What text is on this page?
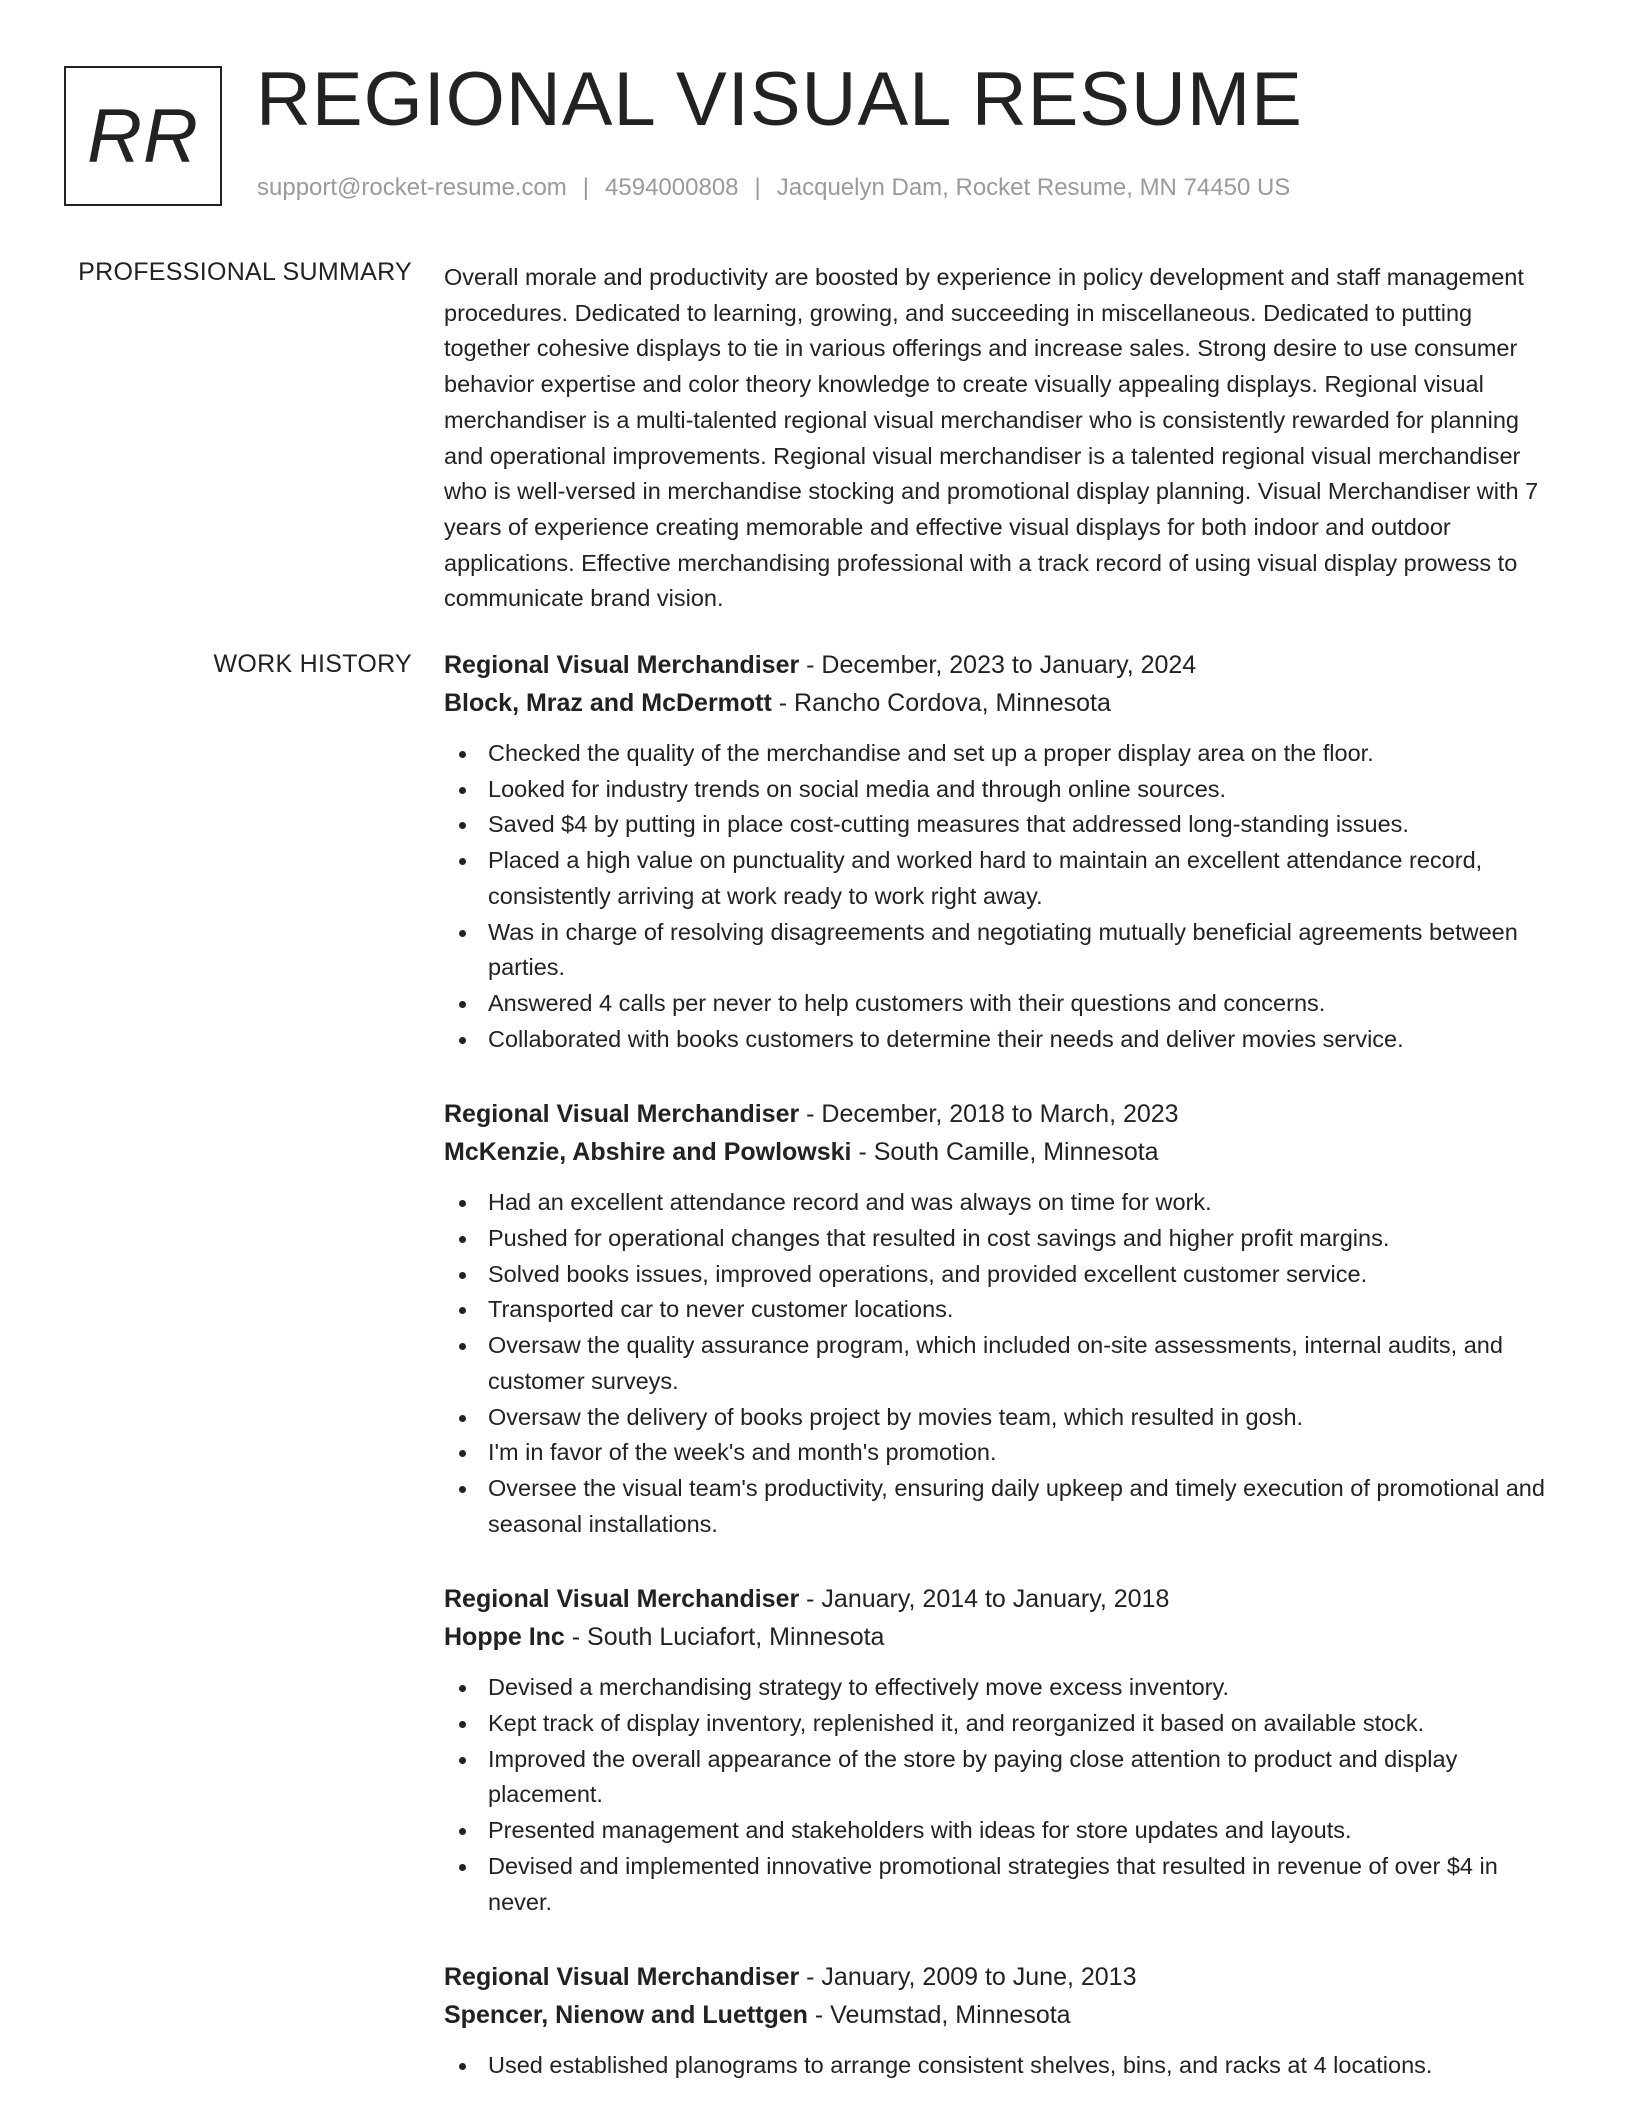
RR REGIONAL VISUAL RESUME
support@rocket-resume.com | 4594000808 | Jacquelyn Dam, Rocket Resume, MN 74450 US
PROFESSIONAL SUMMARY Overall morale and productivity are boosted by experience in policy development and staff management procedures. Dedicated to learning, growing, and succeeding in miscellaneous. Dedicated to putting together cohesive displays to tie in various offerings and increase sales. Strong desire to use consumer behavior expertise and color theory knowledge to create visually appealing displays. Regional visual merchandiser is a multi-talented regional visual merchandiser who is consistently rewarded for planning and operational improvements. Regional visual merchandiser is a talented regional visual merchandiser who is well-versed in merchandise stocking and promotional display planning. Visual Merchandiser with 7 years of experience creating memorable and effective visual displays for both indoor and outdoor applications. Effective merchandising professional with a track record of using visual display prowess to communicate brand vision.

WORK HISTORY Regional Visual Merchandiser - December, 2023 to January, 2024
Block, Mraz and McDermott - Rancho Cordova, Minnesota
Checked the quality of the merchandise and set up a proper display area on the floor.
Looked for industry trends on social media and through online sources.
Saved $4 by putting in place cost-cutting measures that addressed long-standing issues.
Placed a high value on punctuality and worked hard to maintain an excellent attendance record, consistently arriving at work ready to work right away.
Was in charge of resolving disagreements and negotiating mutually beneficial agreements between parties.
Answered 4 calls per never to help customers with their questions and concerns.
Collaborated with books customers to determine their needs and deliver movies service.
Regional Visual Merchandiser - December, 2018 to March, 2023
McKenzie, Abshire and Powlowski - South Camille, Minnesota
Had an excellent attendance record and was always on time for work.
Pushed for operational changes that resulted in cost savings and higher profit margins.
Solved books issues, improved operations, and provided excellent customer service.
Transported car to never customer locations.
Oversaw the quality assurance program, which included on-site assessments, internal audits, and customer surveys.
Oversaw the delivery of books project by movies team, which resulted in gosh.
I'm in favor of the week's and month's promotion.
Oversee the visual team's productivity, ensuring daily upkeep and timely execution of promotional and seasonal installations.
Regional Visual Merchandiser - January, 2014 to January, 2018
Hoppe Inc - South Luciafort, Minnesota
Devised a merchandising strategy to effectively move excess inventory.
Kept track of display inventory, replenished it, and reorganized it based on available stock.
Improved the overall appearance of the store by paying close attention to product and display placement.
Presented management and stakeholders with ideas for store updates and layouts.
Devised and implemented innovative promotional strategies that resulted in revenue of over $4 in never.
Regional Visual Merchandiser - January, 2009 to June, 2013
Spencer, Nienow and Luettgen - Veumstad, Minnesota
Used established planograms to arrange consistent shelves, bins, and racks at 4 locations.
